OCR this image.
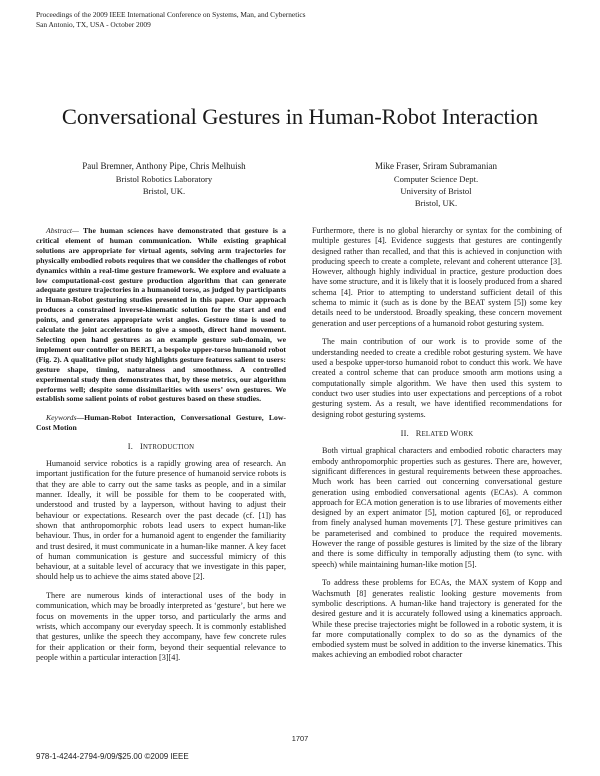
Proceedings of the 2009 IEEE International Conference on Systems, Man, and Cybernetics
San Antonio, TX, USA - October 2009
Conversational Gestures in Human-Robot Interaction
Paul Bremner, Anthony Pipe, Chris Melhuish
Bristol Robotics Laboratory
Bristol, UK.
Mike Fraser, Sriram Subramanian
Computer Science Dept.
University of Bristol
Bristol, UK.

Abstract— The human sciences have demonstrated that gesture is a critical element of human communication. While existing graphical solutions are appropriate for virtual agents, solving arm trajectories for physically embodied robots requires that we consider the challenges of robot dynamics within a real-time gesture framework. We explore and evaluate a low computational-cost gesture production algorithm that can generate adequate gesture trajectories in a humanoid torso, as judged by participants in Human-Robot gesturing studies presented in this paper. Our approach produces a constrained inverse-kinematic solution for the start and end points, and generates appropriate wrist angles. Gesture time is used to calculate the joint accelerations to give a smooth, direct hand movement. Selecting open hand gestures as an example gesture sub-domain, we implement our controller on BERTI, a bespoke upper-torso humanoid robot (Fig. 2). A qualitative pilot study highlights gesture features salient to users: gesture shape, timing, naturalness and smoothness. A controlled experimental study then demonstrates that, by these metrics, our algorithm performs well; despite some dissimilarities with users’ own gestures. We establish some salient points of robot gestures based on these studies.

Keywords—Human-Robot Interaction, Conversational Gesture, Low-Cost Motion

I. INTRODUCTION

Humanoid service robotics is a rapidly growing area of research. An important justification for the future presence of humanoid service robots is that they are able to carry out the same tasks as people, and in a similar manner. Ideally, it will be possible for them to be cooperated with, understood and trusted by a layperson, without having to adjust their behaviour or expectations. Research over the past decade (cf. [1]) has shown that anthropomorphic robots lead users to expect human-like behaviour. Thus, in order for a humanoid agent to engender the familiarity and trust desired, it must communicate in a human-like manner. A key facet of human communication is gesture and successful mimicry of this behaviour, at a suitable level of accuracy that we investigate in this paper, should help us to achieve the aims stated above [2].

There are numerous kinds of interactional uses of the body in communication, which may be broadly interpreted as ‘gesture’, but here we focus on movements in the upper torso, and particularly the arms and wrists, which accompany our everyday speech. It is commonly established that gestures, unlike the speech they accompany, have few concrete rules for their application or their form, beyond their sequential relevance to people within a particular interaction [3][4].

Furthermore, there is no global hierarchy or syntax for the combining of multiple gestures [4]. Evidence suggests that gestures are contingently designed rather than recalled, and that this is achieved in conjunction with producing speech to create a complete, relevant and coherent utterance [3]. However, although highly individual in practice, gesture production does have some structure, and it is likely that it is loosely produced from a shared schema [4]. Prior to attempting to understand sufficient detail of this schema to mimic it (such as is done by the BEAT system [5]) some key details need to be understood. Broadly speaking, these concern movement generation and user perceptions of a humanoid robot gesturing system.

The main contribution of our work is to provide some of the understanding needed to create a credible robot gesturing system. We have used a bespoke upper-torso humanoid robot to conduct this work. We have created a control scheme that can produce smooth arm motions using a computationally simple algorithm. We have then used this system to conduct two user studies into user expectations and perceptions of a robot gesturing system. As a result, we have identified recommendations for designing robot gesturing systems.

II. RELATED WORK

Both virtual graphical characters and embodied robotic characters may embody anthropomorphic properties such as gestures. There are, however, significant differences in gestural requirements between these approaches. Much work has been carried out concerning conversational gesture generation using embodied conversational agents (ECAs). A common approach for ECA motion generation is to use libraries of movements either designed by an expert animator [5], motion captured [6], or reproduced from finely analysed human movements [7]. These gesture primitives can be parameterised and combined to produce the required movements. However the range of possible gestures is limited by the size of the library and there is some difficulty in temporally adjusting them (to sync. with speech) while maintaining human-like motion [5].

To address these problems for ECAs, the MAX system of Kopp and Wachsmuth [8] generates realistic looking gesture movements from symbolic descriptions. A human-like hand trajectory is generated for the desired gesture and it is accurately followed using a kinematics approach. While these precise trajectories might be followed in a robotic system, it is far more computationally complex to do so as the dynamics of the embodied system must be solved in addition to the inverse kinematics. This makes achieving an embodied robot character

1707
978-1-4244-2794-9/09/$25.00 ©2009 IEEE
